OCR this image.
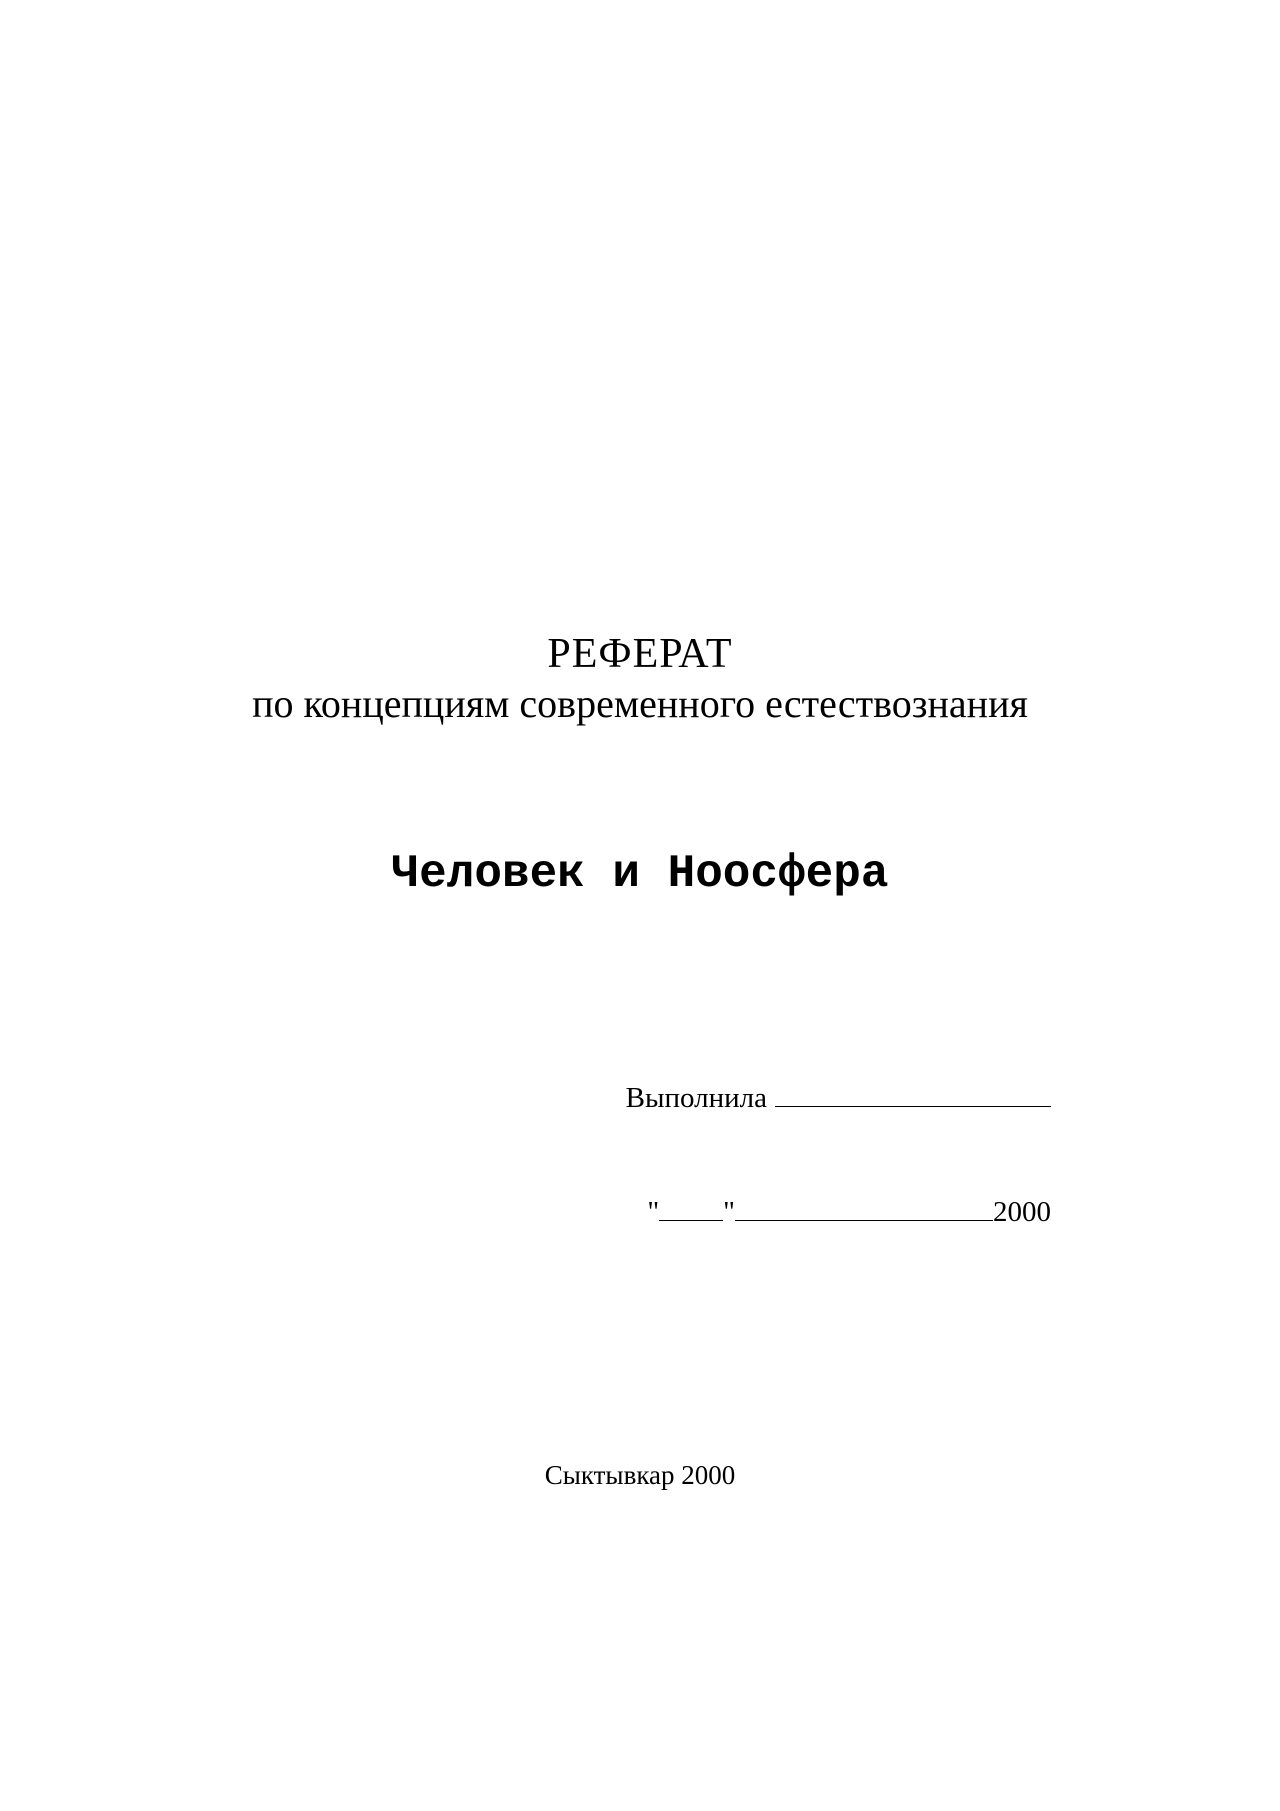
РЕФЕРАТ
по концепциям современного естествознания
Человек и Ноосфера
Выполнила
" "	2000
Сыктывкар 2000
